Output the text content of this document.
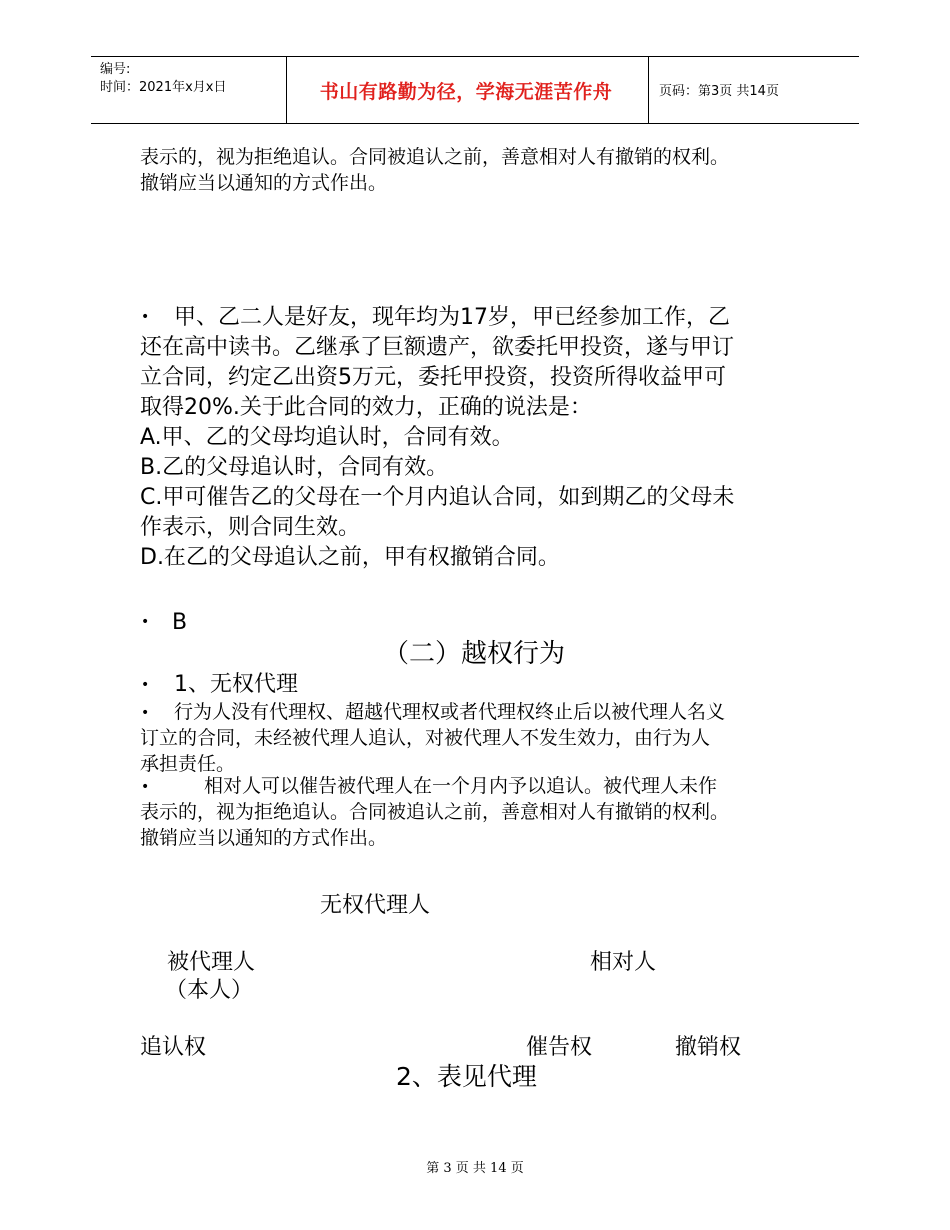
编号:
时间：2021年x月x日	书山有路勤为径，学海无涯苦作舟	页码：第3页 共14页
表示的，视为拒绝追认。合同被追认之前，善意相对人有撤销的权利。
撤销应当以通知的方式作出。
• 甲、乙二人是好友，现年均为17岁，甲已经参加工作，乙
还在高中读书。乙继承了巨额遗产，欲委托甲投资，遂与甲订
立合同，约定乙出资5万元，委托甲投资，投资所得收益甲可
取得20%.关于此合同的效力，正确的说法是：
A.甲、乙的父母均追认时，合同有效。
B.乙的父母追认时，合同有效。
C.甲可催告乙的父母在一个月内追认合同，如到期乙的父母未
作表示，则合同生效。
D.在乙的父母追认之前，甲有权撤销合同。
• B
（二）越权行为
• 1、无权代理
• 行为人没有代理权、超越代理权或者代理权终止后以被代理人名义
订立的合同，未经被代理人追认，对被代理人不发生效力，由行为人
承担责任。
•	相对人可以催告被代理人在一个月内予以追认。被代理人未作
表示的，视为拒绝追认。合同被追认之前，善意相对人有撤销的权利。
撤销应当以通知的方式作出。
无权代理人
被代理人
（本人）
相对人
追认权	催告权	撤销权
2、表见代理
第 3 页 共 14 页
